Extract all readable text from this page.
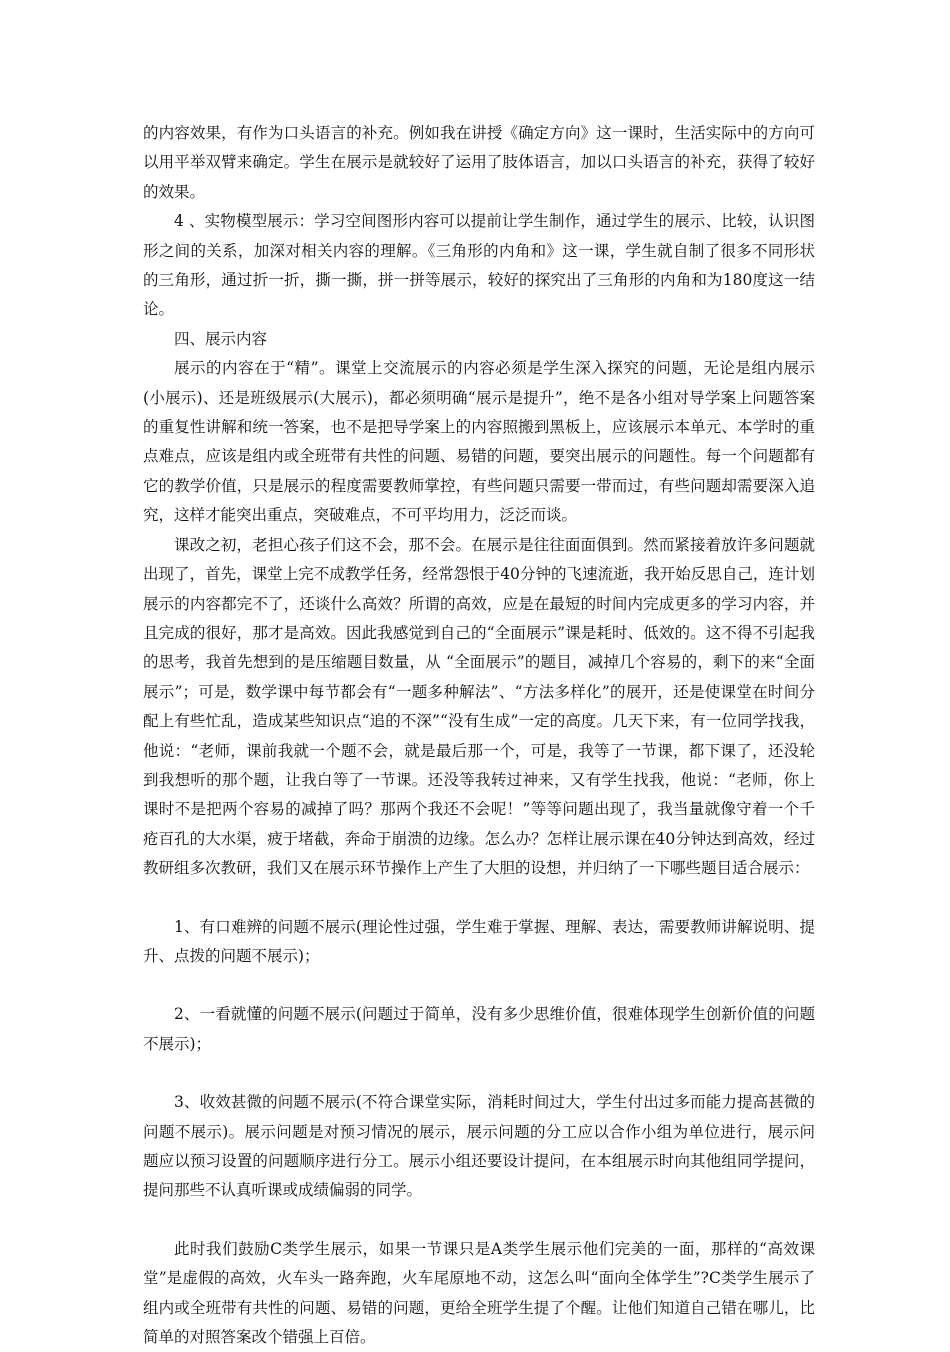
的内容效果，有作为口头语言的补充。例如我在讲授《确定方向》这一课时，生活实际中的方向可以用平举双臂来确定。学生在展示是就较好了运用了肢体语言，加以口头语言的补充，获得了较好的效果。

4 、实物模型展示：学习空间图形内容可以提前让学生制作，通过学生的展示、比较，认识图形之间的关系，加深对相关内容的理解。《三角形的内角和》这一课，学生就自制了很多不同形状的三角形，通过折一折，撕一撕，拼一拼等展示，较好的探究出了三角形的内角和为180度这一结论。

四、展示内容

展示的内容在于“精”。课堂上交流展示的内容必须是学生深入探究的问题，无论是组内展示(小展示)、还是班级展示(大展示)，都必须明确“展示是提升”，绝不是各小组对导学案上问题答案的重复性讲解和统一答案，也不是把导学案上的内容照搬到黑板上，应该展示本单元、本学时的重点难点，应该是组内或全班带有共性的问题、易错的问题，要突出展示的问题性。每一个问题都有它的教学价值，只是展示的程度需要教师掌控，有些问题只需要一带而过，有些问题却需要深入追究，这样才能突出重点，突破难点，不可平均用力，泛泛而谈。

课改之初，老担心孩子们这不会，那不会。在展示是往往面面俱到。然而紧接着放许多问题就出现了，首先，课堂上完不成教学任务，经常怨恨于40分钟的飞速流逝，我开始反思自己，连计划展示的内容都完不了，还谈什么高效？所谓的高效，应是在最短的时间内完成更多的学习内容，并且完成的很好，那才是高效。因此我感觉到自己的“全面展示”课是耗时、低效的。这不得不引起我的思考，我首先想到的是压缩题目数量，从 “全面展示”的题目，减掉几个容易的，剩下的来“全面展示”；可是，数学课中每节都会有“一题多种解法”、“方法多样化”的展开，还是使课堂在时间分配上有些忙乱，造成某些知识点“追的不深”“没有生成”一定的高度。几天下来，有一位同学找我，他说：“老师，课前我就一个题不会，就是最后那一个，可是，我等了一节课，都下课了，还没轮到我想听的那个题，让我白等了一节课。还没等我转过神来，又有学生找我，他说：“老师，你上课时不是把两个容易的减掉了吗？那两个我还不会呢！”等等问题出现了，我当量就像守着一个千疮百孔的大水渠，疲于堵截，奔命于崩溃的边缘。怎么办？怎样让展示课在40分钟达到高效，经过教研组多次教研，我们又在展示环节操作上产生了大胆的设想，并归纳了一下哪些题目适合展示：

1、有口难辨的问题不展示(理论性过强，学生难于掌握、理解、表达，需要教师讲解说明、提升、点拨的问题不展示)；

2、一看就懂的问题不展示(问题过于简单，没有多少思维价值，很难体现学生创新价值的问题不展示)；

3、收效甚微的问题不展示(不符合课堂实际，消耗时间过大，学生付出过多而能力提高甚微的问题不展示)。展示问题是对预习情况的展示，展示问题的分工应以合作小组为单位进行，展示问题应以预习设置的问题顺序进行分工。展示小组还要设计提问，在本组展示时向其他组同学提问，提问那些不认真听课或成绩偏弱的同学。

此时我们鼓励C类学生展示，如果一节课只是A类学生展示他们完美的一面，那样的“高效课堂”是虚假的高效，火车头一路奔跑，火车尾原地不动，这怎么叫“面向全体学生”?C类学生展示了组内或全班带有共性的问题、易错的问题，更给全班学生提了个醒。让他们知道自己错在哪儿，比简单的对照答案改个错强上百倍。
